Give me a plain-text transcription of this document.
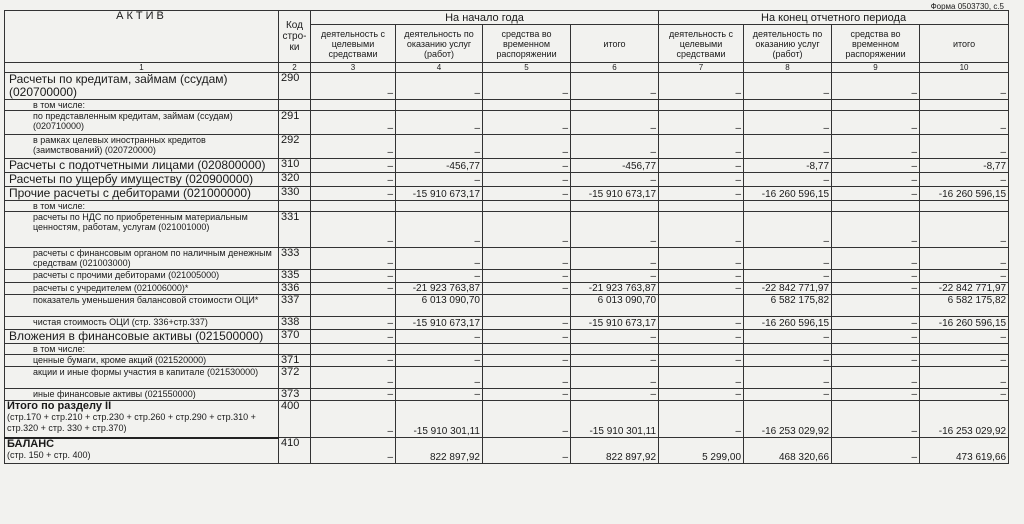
Форма 0503730, с.5
АКТИВ	Код стро- ки	На начало года				На конец отчетного периода			
		деятельность с целевыми средствами	деятельность по оказанию услуг (работ)	средства во временном распоряжении	итого	деятельность с целевыми средствами	деятельность по оказанию услуг (работ)	средства во временном распоряжении	итого
1	2	3	4	5	6	7	8	9	10
Расчеты по кредитам, займам (ссудам) (020700000)	290	–	–	–	–	–	–	–	–
в том числе:									
по представленным кредитам, займам (ссудам) (020710000)	291	–	–	–	–	–	–	–	–
в рамках целевых иностранных кредитов (заимствований) (020720000)	292	–	–	–	–	–	–	–	–
Расчеты с подотчетными лицами (020800000)	310	–	-456,77	–	-456,77	–	-8,77	–	-8,77
Расчеты по ущербу имуществу (020900000)	320	–	–	–	–	–	–	–	–
Прочие расчеты с дебиторами (021000000)	330	–	-15 910 673,17	–	-15 910 673,17	–	-16 260 596,15	–	-16 260 596,15
в том числе:									
расчеты по НДС по приобретенным материальным ценностям, работам, услугам (021001000)	331	–	–	–	–	–	–	–	–
расчеты с финансовым органом по наличным денежным средствам (021003000)	333	–	–	–	–	–	–	–	–
расчеты с прочими дебиторами (021005000)	335	–	–	–	–	–	–	–	–
расчеты с учредителем (021006000)*	336	–	-21 923 763,87	–	-21 923 763,87	–	-22 842 771,97	–	-22 842 771,97
показатель уменьшения балансовой стоимости ОЦИ*	337		6 013 090,70		6 013 090,70		6 582 175,82		6 582 175,82
чистая стоимость ОЦИ (стр. 336+стр.337)	338	–	-15 910 673,17	–	-15 910 673,17	–	-16 260 596,15	–	-16 260 596,15
Вложения в финансовые активы (021500000)	370	–	–	–	–	–	–	–	–
в том числе:									
ценные бумаги, кроме акций (021520000)	371	–	–	–	–	–	–	–	–
акции и иные формы участия в капитале (021530000)	372	–	–	–	–	–	–	–	–
иные финансовые активы (021550000)	373	–	–	–	–	–	–	–	–
Итого по разделу II
(стр.170 + стр.210 + стр.230 + стр.260 + стр.290 + стр.310 + стр.320 + стр. 330 + стр.370)	400	–	-15 910 301,11	–	-15 910 301,11	–	-16 253 029,92	–	-16 253 029,92
БАЛАНС
(стр. 150 + стр. 400)	410	–	822 897,92	–	822 897,92	5 299,00	468 320,66	–	473 619,66
